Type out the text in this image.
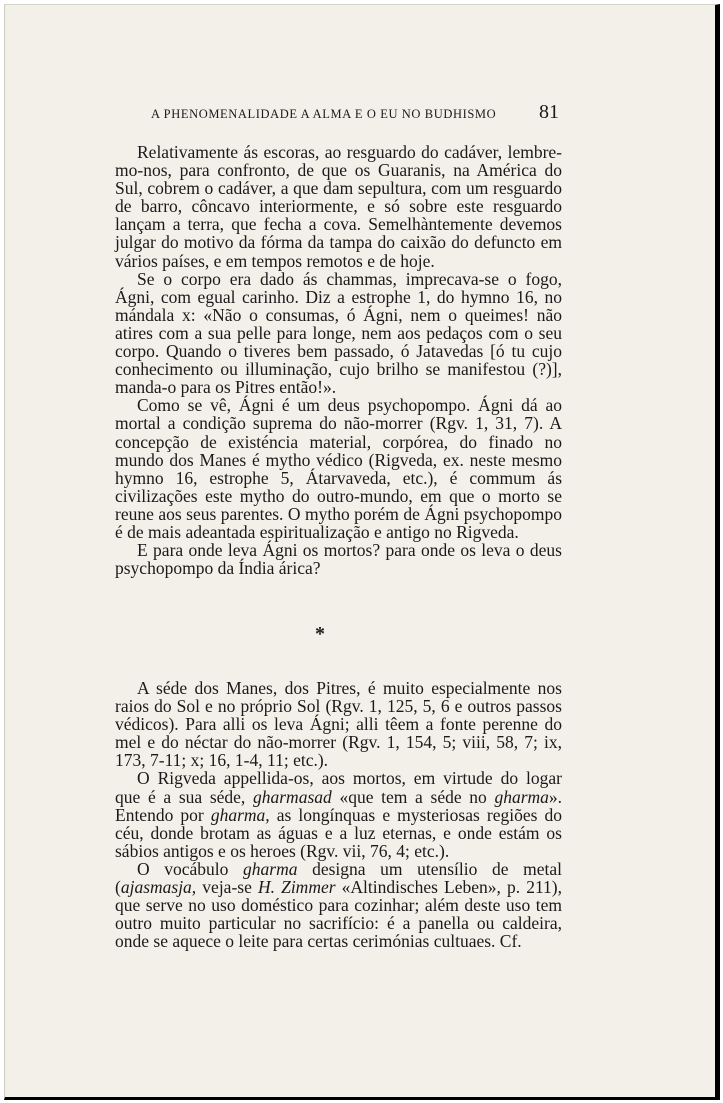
A PHENOMENALIDADE A ALMA E O EU NO BUDHISMO 81

Relativamente ás escoras, ao resguardo do cadáver, lembre-mo-nos, para confronto, de que os Guaranis, na América do Sul, cobrem o cadáver, a que dam sepultura, com um resguardo de barro, côncavo interiormente, e só sobre este resguardo lançam a terra, que fecha a cova. Semelhàntemente devemos julgar do motivo da fórma da tampa do caixão do defuncto em vários países, e em tempos remotos e de hoje.

Se o corpo era dado ás chammas, imprecava-se o fogo, Ágni, com egual carinho. Diz a estrophe 1, do hymno 16, no mándala x: «Não o consumas, ó Ágni, nem o queimes! não atires com a sua pelle para longe, nem aos pedaços com o seu corpo. Quando o tiveres bem passado, ó Jatavedas [ó tu cujo conhecimento ou illuminação, cujo brilho se manifestou (?)], manda-o para os Pitres então!».

Como se vê, Ágni é um deus psychopompo. Ágni dá ao mortal a condição suprema do não-morrer (Rgv. 1, 31, 7). A concepção de existéncia material, corpórea, do finado no mundo dos Manes é mytho védico (Rigveda, ex. neste mesmo hymno 16, estrophe 5, Átarvaveda, etc.), é commum ás civilizações este mytho do outro-mundo, em que o morto se reune aos seus parentes. O mytho porém de Ágni psychopompo é de mais adeantada espiritualização e antigo no Rigveda.

E para onde leva Ágni os mortos? para onde os leva o deus psychopompo da Índia árica?

*

A séde dos Manes, dos Pitres, é muito especialmente nos raios do Sol e no próprio Sol (Rgv. 1, 125, 5, 6 e outros passos védicos). Para alli os leva Ágni; alli têem a fonte perenne do mel e do néctar do não-morrer (Rgv. 1, 154, 5; viii, 58, 7; ix, 173, 7-11; x; 16, 1-4, 11; etc.).

O Rigveda appellida-os, aos mortos, em virtude do logar que é a sua séde, gharmasad «que tem a séde no gharma». Entendo por gharma, as longínquas e mysteriosas regiões do céu, donde brotam as águas e a luz eternas, e onde estám os sábios antigos e os heroes (Rgv. vii, 76, 4; etc.).

O vocábulo gharma designa um utensílio de metal (ajasmasja, veja-se H. Zimmer «Altindisches Leben», p. 211), que serve no uso doméstico para cozinhar; além deste uso tem outro muito particular no sacrifício: é a panella ou caldeira, onde se aquece o leite para certas cerimónias cultuaes. Cf.
